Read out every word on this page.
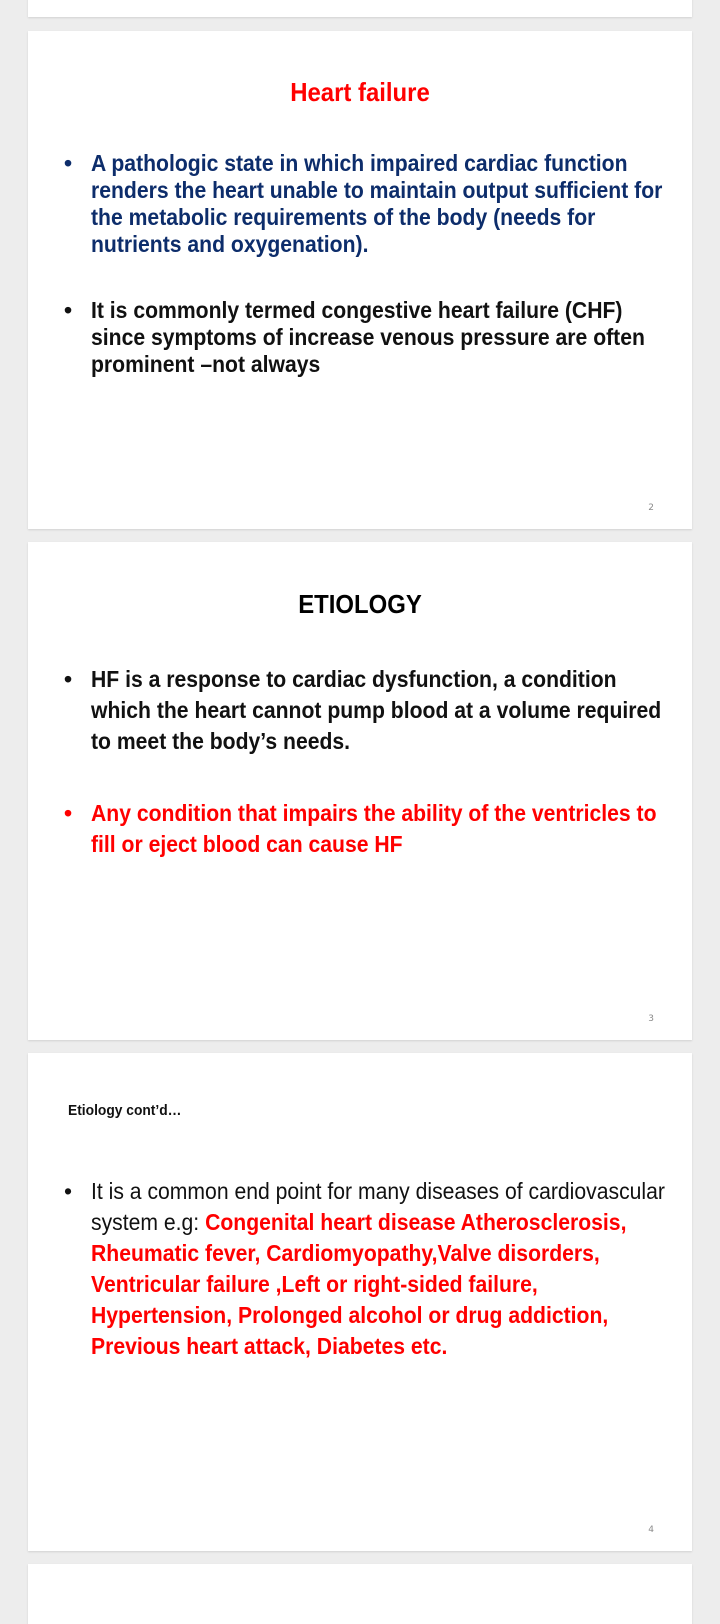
Heart failure
• A pathologic state in which impaired cardiac function renders the heart unable to maintain output sufficient for the metabolic requirements of the body (needs for nutrients and oxygenation).
• It is commonly termed congestive heart failure (CHF) since symptoms of increase venous pressure are often prominent –not always
2
ETIOLOGY
• HF is a response to cardiac dysfunction, a condition which the heart cannot pump blood at a volume required to meet the body’s needs.
• Any condition that impairs the ability of the ventricles to fill or eject blood can cause HF
3
Etiology cont’d…
• It is a common end point for many diseases of cardiovascular system e.g: Congenital heart disease Atherosclerosis, Rheumatic fever, Cardiomyopathy,Valve disorders, Ventricular failure ,Left or right-sided failure, Hypertension, Prolonged alcohol or drug addiction, Previous heart attack, Diabetes etc.
4
